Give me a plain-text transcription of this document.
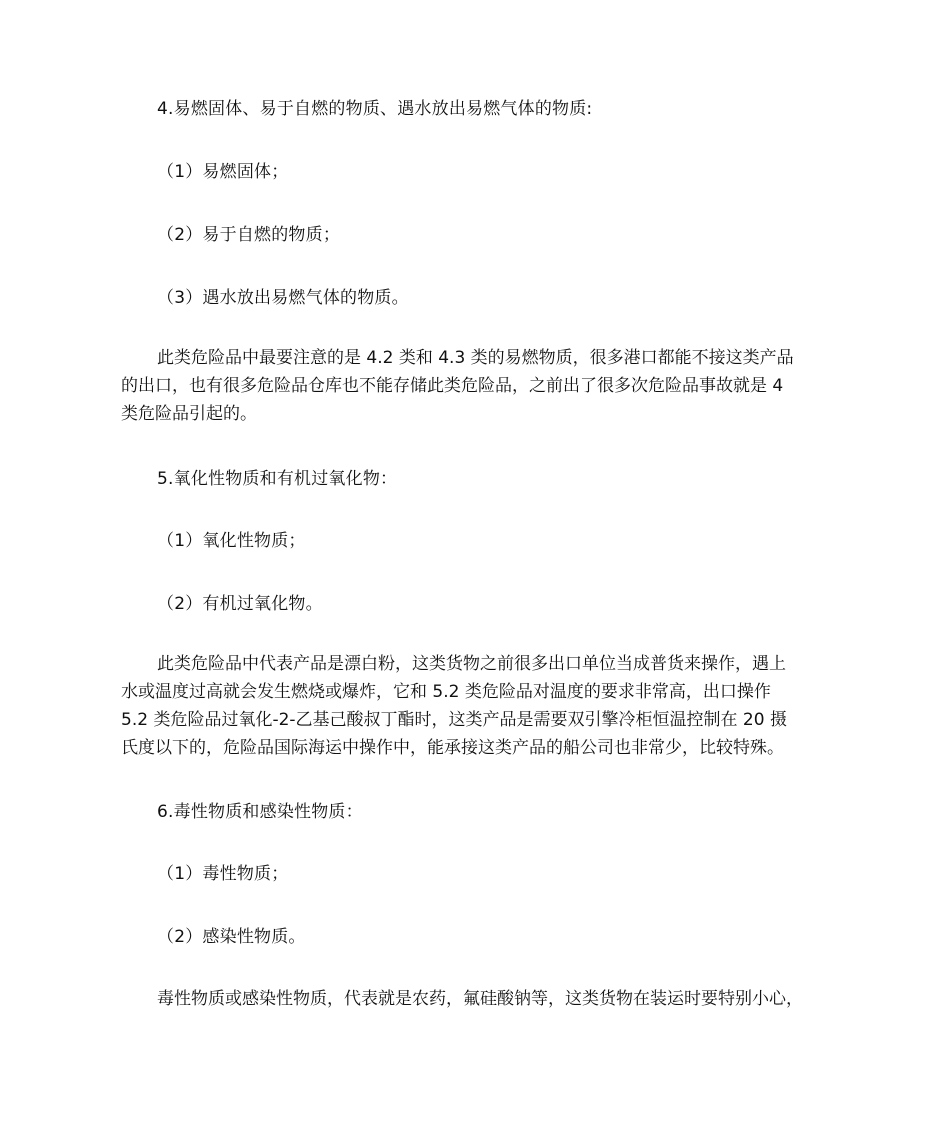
4.易燃固体、易于自燃的物质、遇水放出易燃气体的物质:
（1）易燃固体；
（2）易于自燃的物质；
（3）遇水放出易燃气体的物质。
此类危险品中最要注意的是 4.2 类和 4.3 类的易燃物质，很多港口都能不接这类产品
的出口，也有很多危险品仓库也不能存储此类危险品，之前出了很多次危险品事故就是 4
类危险品引起的。
5.氧化性物质和有机过氧化物：
（1）氧化性物质；
（2）有机过氧化物。
此类危险品中代表产品是漂白粉，这类货物之前很多出口单位当成普货来操作，遇上
水或温度过高就会发生燃烧或爆炸，它和 5.2 类危险品对温度的要求非常高，出口操作
5.2 类危险品过氧化-2-乙基己酸叔丁酯时，这类产品是需要双引擎冷柜恒温控制在 20 摄
氏度以下的，危险品国际海运中操作中，能承接这类产品的船公司也非常少，比较特殊。
6.毒性物质和感染性物质：
（1）毒性物质；
（2）感染性物质。
毒性物质或感染性物质，代表就是农药，氟硅酸钠等，这类货物在装运时要特别小心，
